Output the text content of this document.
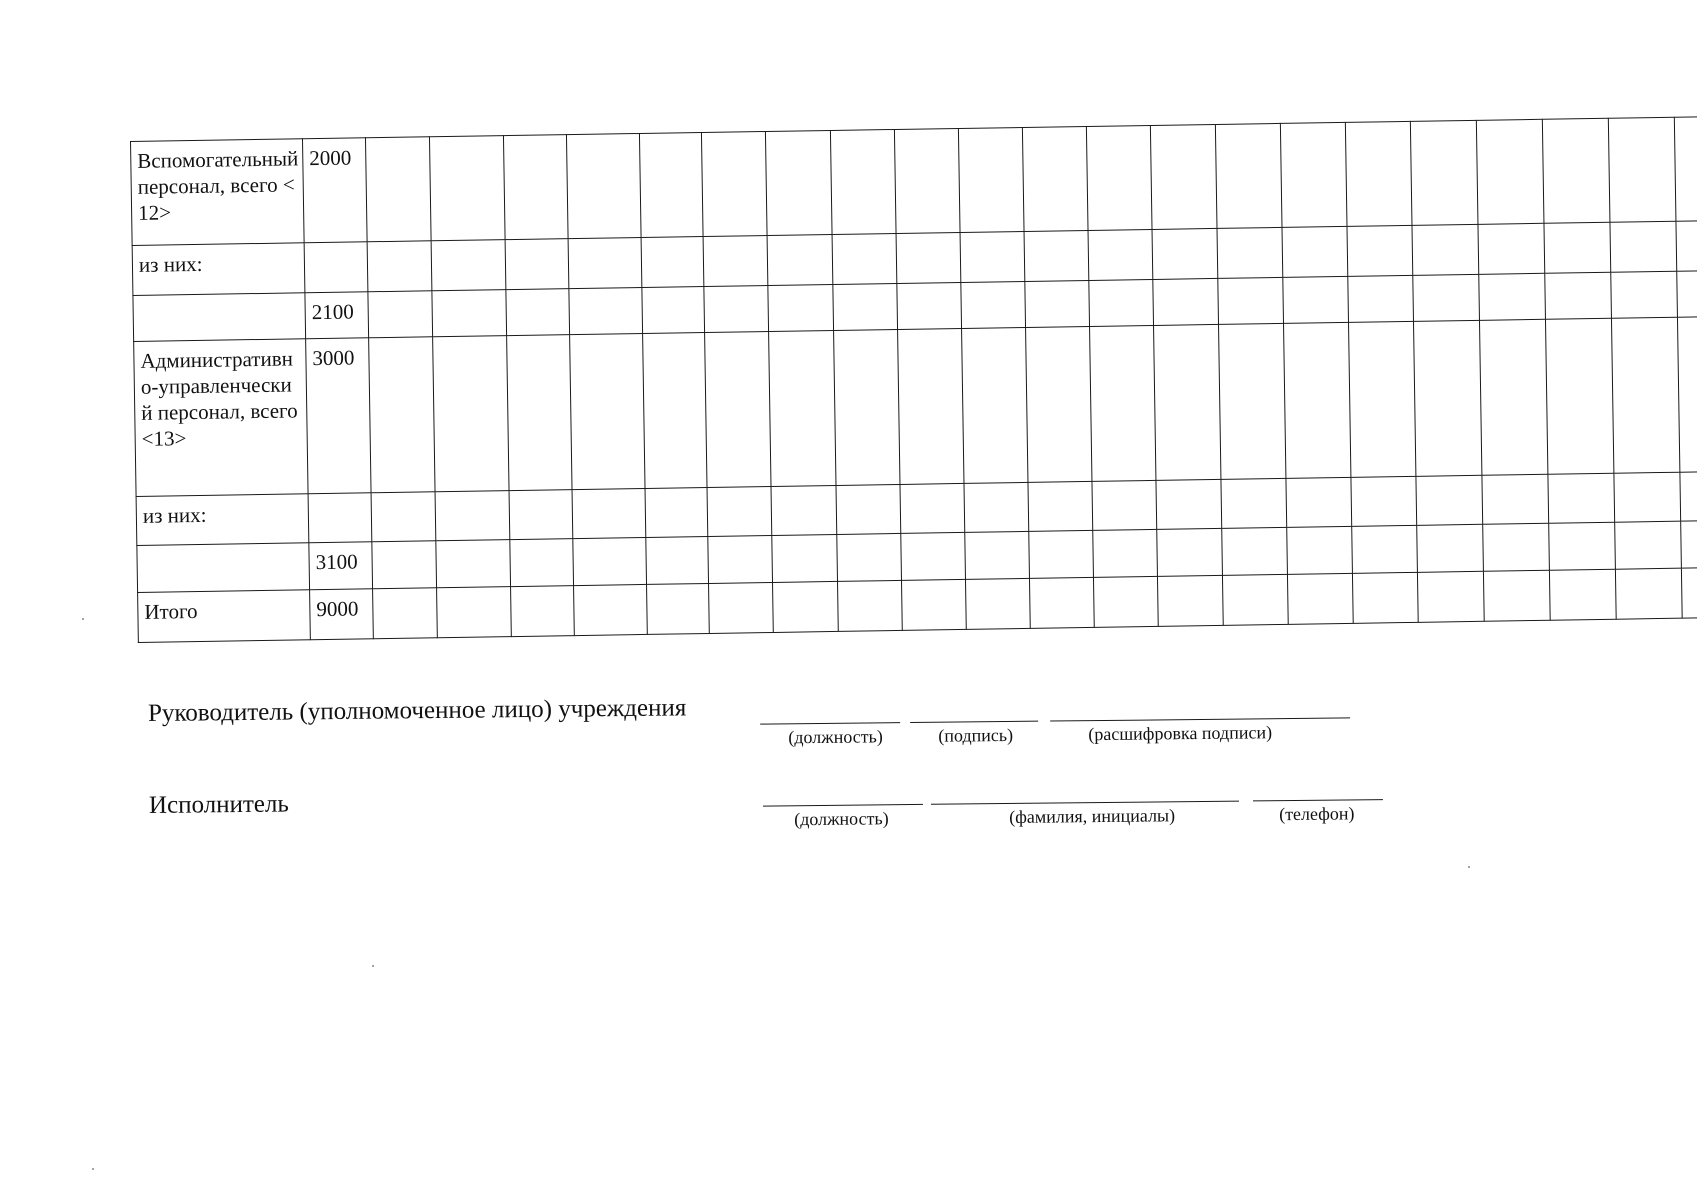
Вспомогательный персонал, всего <12>	2000																					

из них:																						

	2100																					

Административно-управленческий персонал, всего <13>	3000																					

из них:																						

	3100																					

Итого	9000																					

Руководитель (уполномоченное лицо) учреждения
(должность)	(подпись)	(расшифровка подписи)
Исполнитель	(должность)	(фамилия, инициалы)	(телефон)
